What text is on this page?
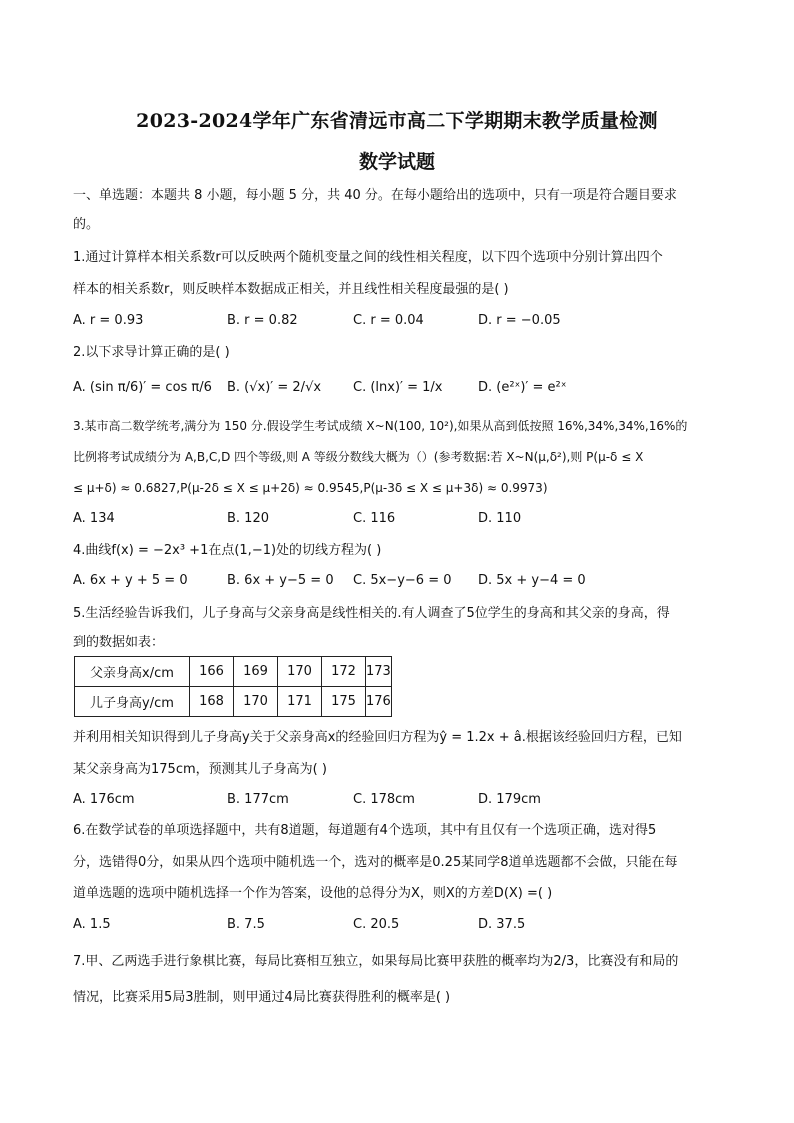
2023-2024学年广东省清远市高二下学期期末教学质量检测
数学试题
一、单选题：本题共 8 小题，每小题 5 分，共 40 分。在每小题给出的选项中，只有一项是符合题目要求
的。
1.通过计算样本相关系数r可以反映两个随机变量之间的线性相关程度，以下四个选项中分别计算出四个
样本的相关系数r，则反映样本数据成正相关，并且线性相关程度最强的是( )
A. r = 0.93	B. r = 0.82	C. r = 0.04	D. r = −0.05
2.以下求导计算正确的是( )
A. (sin π/6)′ = cos π/6 B. (√x)′ = 2/√x C. (lnx)′ = 1/x	D. (e²ˣ)′ = e²ˣ
3.某市高二数学统考,满分为 150 分.假设学生考试成绩 X~N(100, 10²),如果从高到低按照 16%,34%,34%,16%的
比例将考试成绩分为 A,B,C,D 四个等级,则 A 等级分数线大概为（）(参考数据:若 X~N(μ,δ²),则 P(μ-δ ≤ X
≤ μ+δ) ≈ 0.6827,P(μ-2δ ≤ X ≤ μ+2δ) ≈ 0.9545,P(μ-3δ ≤ X ≤ μ+3δ) ≈ 0.9973)
A. 134	B. 120	C. 116	D. 110
4.曲线f(x) = −2x³ +1在点(1,−1)处的切线方程为( )
A. 6x + y + 5 = 0	B. 6x + y−5 = 0 C. 5x−y−6 = 0 D. 5x + y−4 = 0
5.生活经验告诉我们，儿子身高与父亲身高是线性相关的.有人调查了5位学生的身高和其父亲的身高，得
到的数据如表：
父亲身高x/cm	166	169	170	172	173
儿子身高y/cm	168	170	171	175	176
并利用相关知识得到儿子身高y关于父亲身高x的经验回归方程为ŷ = 1.2x + â.根据该经验回归方程，已知
某父亲身高为175cm，预测其儿子身高为( )
A. 176cm	B. 177cm	C. 178cm	D. 179cm
6.在数学试卷的单项选择题中，共有8道题，每道题有4个选项，其中有且仅有一个选项正确，选对得5
分，选错得0分，如果从四个选项中随机选一个，选对的概率是0.25某同学8道单选题都不会做，只能在每
道单选题的选项中随机选择一个作为答案，设他的总得分为X，则X的方差D(X) =( )
A. 1.5	B. 7.5	C. 20.5	D. 37.5
7.甲、乙两选手进行象棋比赛，每局比赛相互独立，如果每局比赛甲获胜的概率均为2/3，比赛没有和局的
情况，比赛采用5局3胜制，则甲通过4局比赛获得胜利的概率是( )
